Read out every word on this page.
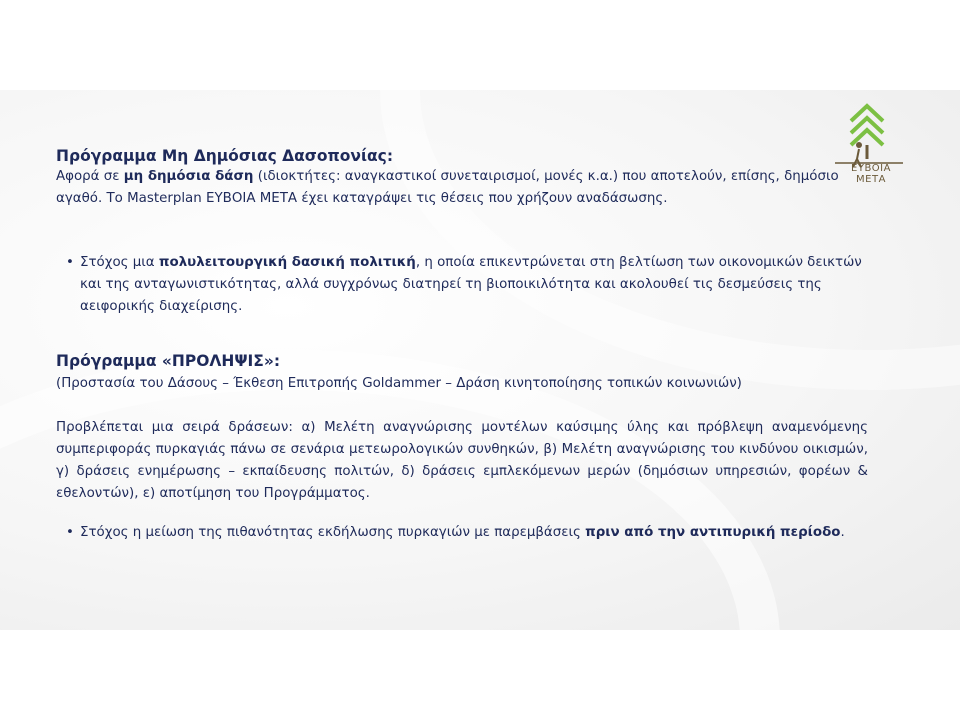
ΕΥΒΟΙΑ ΜΕΤΑ
Πρόγραμμα Μη Δημόσιας Δασοπονίας:
Αφορά σε μη δημόσια δάση (ιδιοκτήτες: αναγκαστικοί συνεταιρισμοί, μονές κ.α.) που αποτελούν, επίσης, δημόσιο αγαθό. Το Masterplan ΕΥΒΟΙΑ ΜΕΤΑ έχει καταγράψει τις θέσεις που χρήζουν αναδάσωσης.
• Στόχος μια πολυλειτουργική δασική πολιτική, η οποία επικεντρώνεται στη βελτίωση των οικονομικών δεικτών και της ανταγωνιστικότητας, αλλά συγχρόνως διατηρεί τη βιοποικιλότητα και ακολουθεί τις δεσμεύσεις της αειφορικής διαχείρισης.
Πρόγραμμα «ΠΡΟΛΗΨΙΣ»:
(Προστασία του Δάσους – Έκθεση Επιτροπής Goldammer – Δράση κινητοποίησης τοπικών κοινωνιών)
Προβλέπεται μια σειρά δράσεων: α) Μελέτη αναγνώρισης μοντέλων καύσιμης ύλης και πρόβλεψη αναμενόμενης συμπεριφοράς πυρκαγιάς πάνω σε σενάρια μετεωρολογικών συνθηκών, β) Μελέτη αναγνώρισης του κινδύνου οικισμών, γ) δράσεις ενημέρωσης – εκπαίδευσης πολιτών, δ) δράσεις εμπλεκόμενων μερών (δημόσιων υπηρεσιών, φορέων & εθελοντών), ε) αποτίμηση του Προγράμματος.
• Στόχος η μείωση της πιθανότητας εκδήλωσης πυρκαγιών με παρεμβάσεις πριν από την αντιπυρική περίοδο.
